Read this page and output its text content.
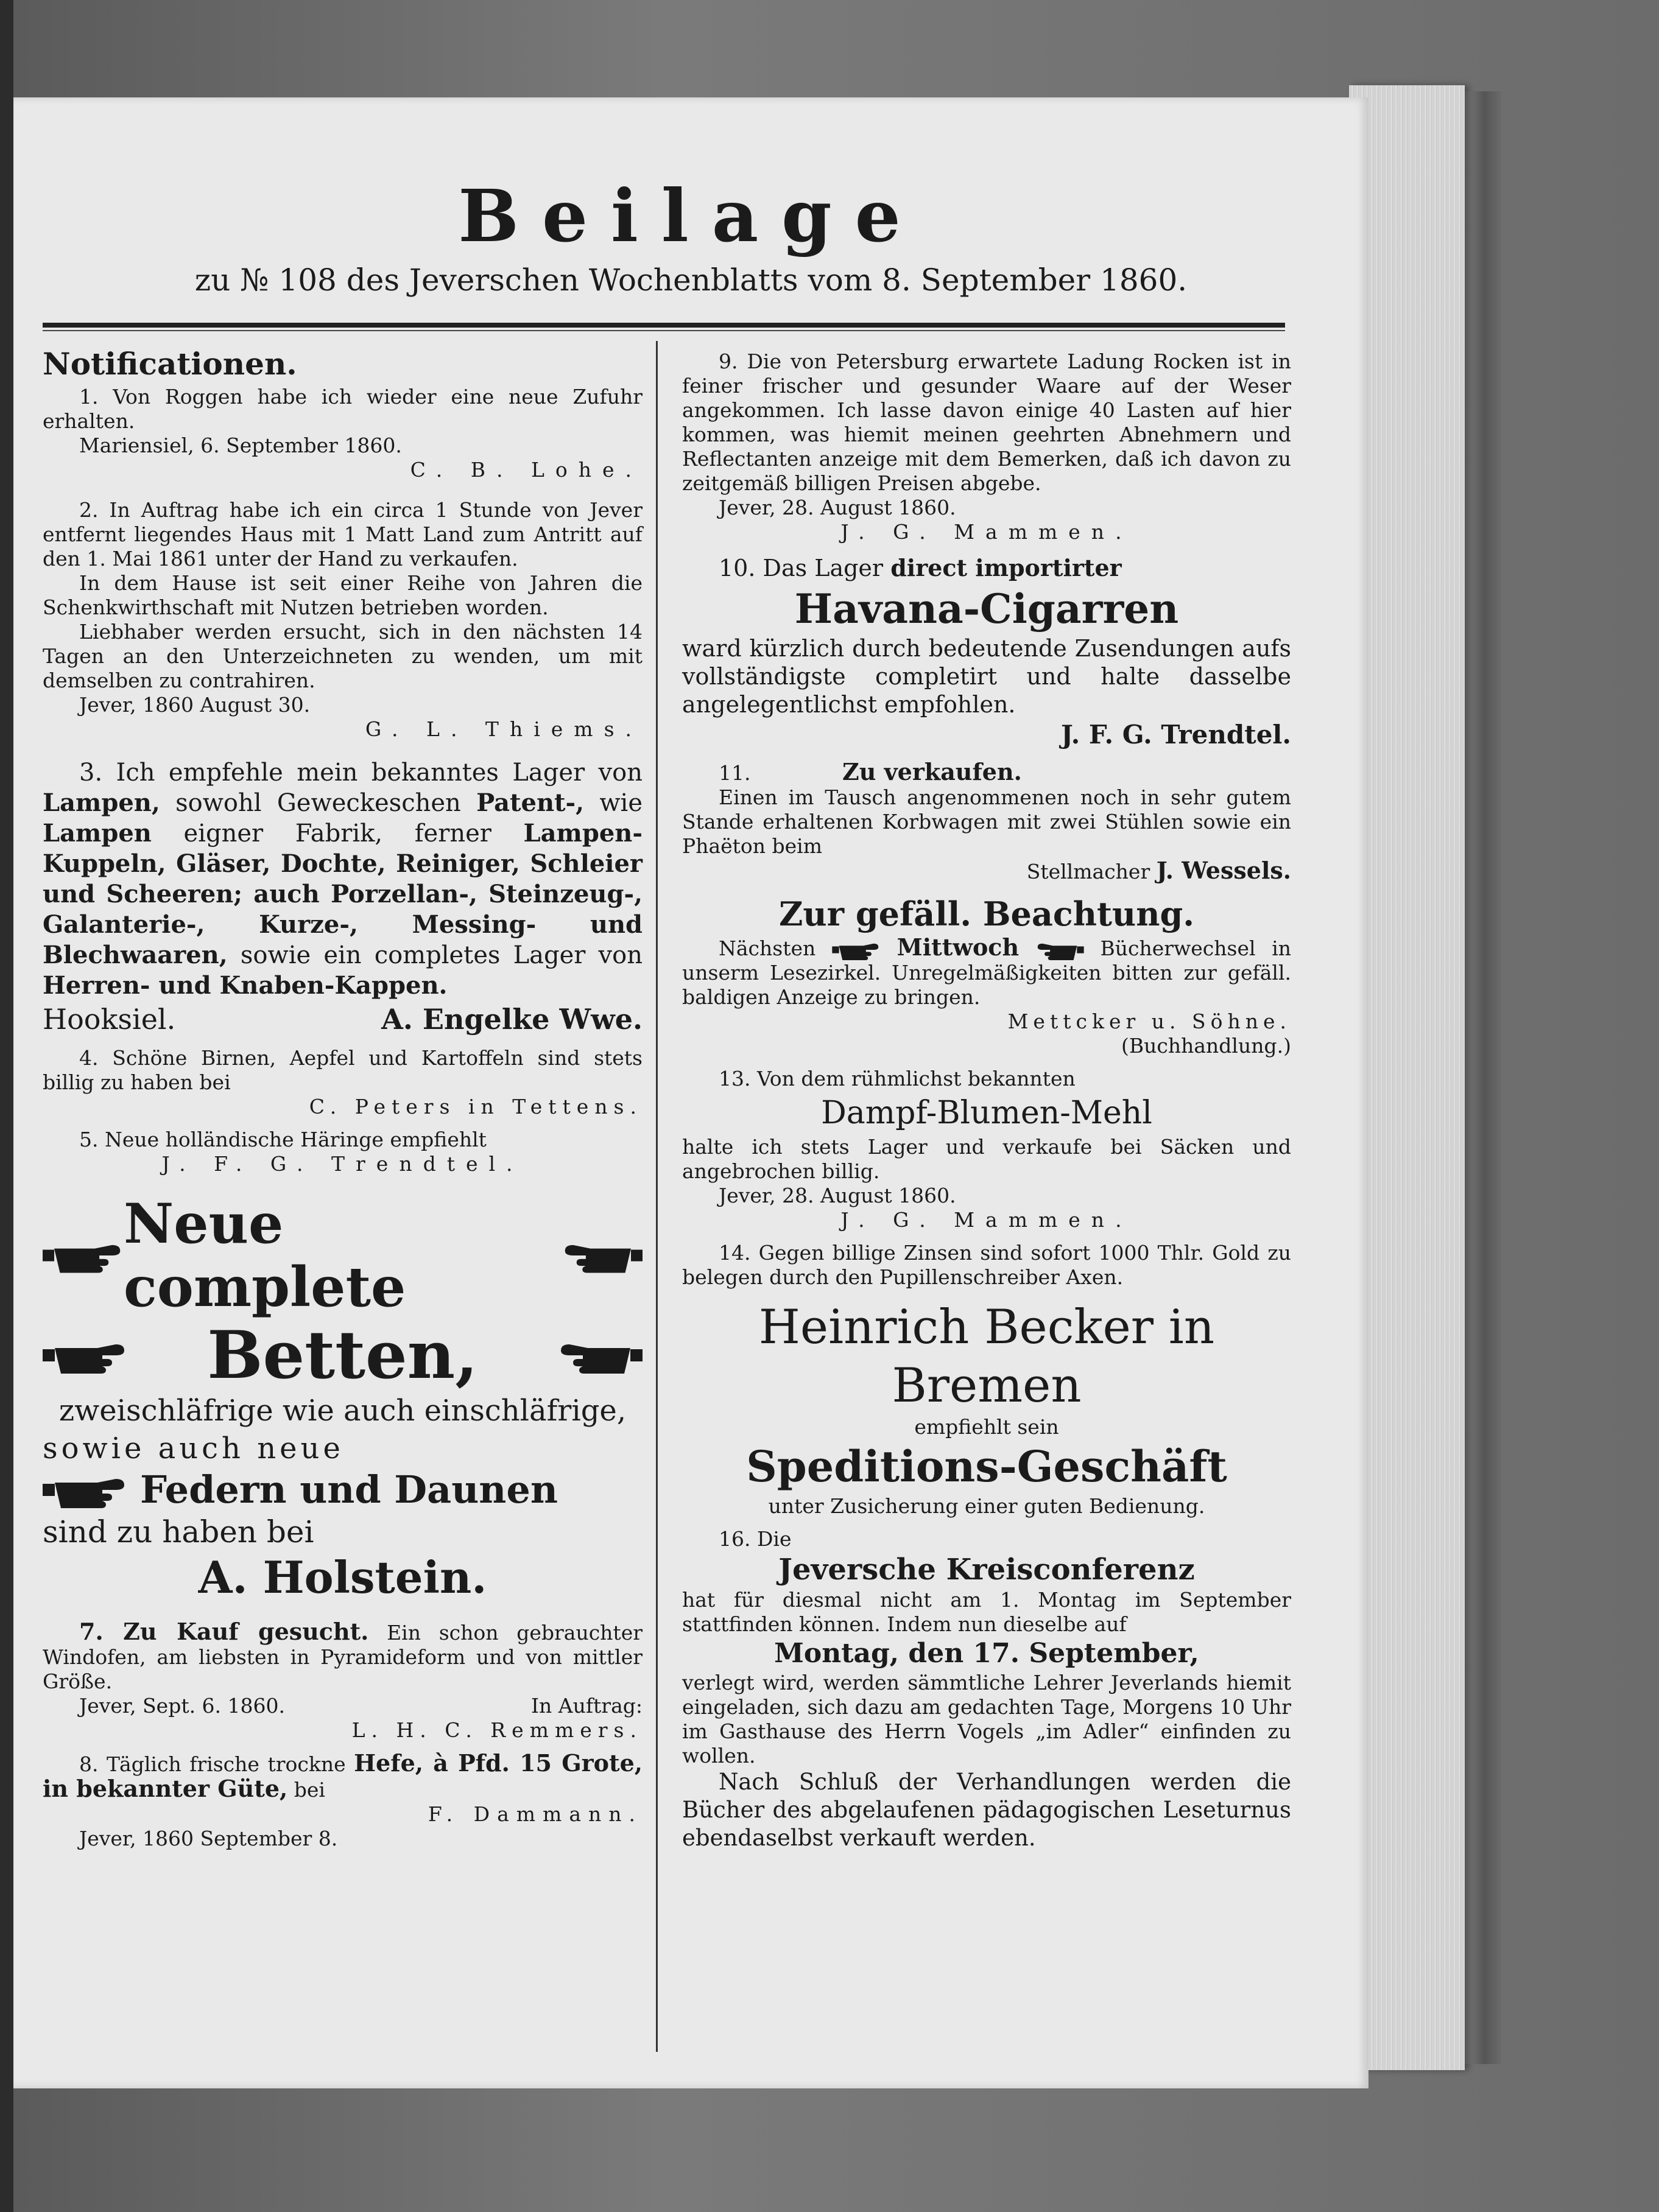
Beilage
zu № 108 des Jeverschen Wochenblatts vom 8. September 1860.

Notificationen.

1. Von Roggen habe ich wieder eine neue Zufuhr erhalten.

Mariensiel, 6. September 1860.

C. B. Lohe.

2. In Auftrag habe ich ein circa 1 Stunde von Jever entfernt liegendes Haus mit 1 Matt Land zum Antritt auf den 1. Mai 1861 unter der Hand zu verkaufen.

In dem Hause ist seit einer Reihe von Jahren die Schenkwirthschaft mit Nutzen betrieben worden.

Liebhaber werden ersucht, sich in den nächsten 14 Tagen an den Unterzeichneten zu wenden, um mit demselben zu contrahiren.

Jever, 1860 August 30.

G. L. Thiems.

3. Ich empfehle mein bekanntes Lager von Lampen, sowohl Geweckeschen Patent-, wie Lampen eigner Fabrik, ferner Lampen-Kuppeln, Gläser, Dochte, Reiniger, Schleier und Scheeren; auch Porzellan-, Steinzeug-, Galanterie-, Kurze-, Messing- und Blechwaaren, sowie ein completes Lager von Herren- und Knaben-Kappen.

Hooksiel.	A. Engelke Wwe.

4. Schöne Birnen, Aepfel und Kartoffeln sind stets billig zu haben bei

C. Peters in Tettens.

5. Neue holländische Häringe empfiehlt

J. F. G. Trendtel.

Neue complete
Betten,

zweischläfrige wie auch einschläfrige,

sowie auch neue

Federn und Daunen

sind zu haben bei

A. Holstein.

7. Zu Kauf gesucht. Ein schon gebrauchter Windofen, am liebsten in Pyramideform und von mittler Größe.

Jever, Sept. 6. 1860.	In Auftrag:

L. H. C. Remmers.

8. Täglich frische trockne Hefe, à Pfd. 15 Grote, in bekannter Güte, bei

F. Dammann.

Jever, 1860 September 8.

9. Die von Petersburg erwartete Ladung Rocken ist in feiner frischer und gesunder Waare auf der Weser angekommen. Ich lasse davon einige 40 Lasten auf hier kommen, was hiemit meinen geehrten Abnehmern und Reflectanten anzeige mit dem Bemerken, daß ich davon zu zeitgemäß billigen Preisen abgebe.

Jever, 28. August 1860.

J. G. Mammen.

10. Das Lager direct importirter

Havana-Cigarren

ward kürzlich durch bedeutende Zusendungen aufs vollständigste completirt und halte dasselbe angelegentlichst empfohlen.

J. F. G. Trendtel.

11.	Zu verkaufen.

Einen im Tausch angenommenen noch in sehr gutem Stande erhaltenen Korbwagen mit zwei Stühlen sowie ein Phaëton beim

Stellmacher J. Wessels.

Zur gefäll. Beachtung.

Nächsten	Mittwoch	Bücherwechsel in unserm Lesezirkel. Unregelmäßigkeiten bitten zur gefäll. baldigen Anzeige zu bringen.

Mettcker u. Söhne.

(Buchhandlung.)

13. Von dem rühmlichst bekannten

Dampf-Blumen-Mehl

halte ich stets Lager und verkaufe bei Säcken und angebrochen billig.

Jever, 28. August 1860.

J. G. Mammen.

14. Gegen billige Zinsen sind sofort 1000 Thlr. Gold zu belegen durch den Pupillenschreiber Axen.

Heinrich Becker in Bremen

empfiehlt sein

Speditions-Geschäft

unter Zusicherung einer guten Bedienung.

16. Die

Jeversche Kreisconferenz

hat für diesmal nicht am 1. Montag im September stattfinden können. Indem nun dieselbe auf

Montag, den 17. September,

verlegt wird, werden sämmtliche Lehrer Jeverlands hiemit eingeladen, sich dazu am gedachten Tage, Morgens 10 Uhr im Gasthause des Herrn Vogels „im Adler“ einfinden zu wollen.

Nach Schluß der Verhandlungen werden die Bücher des abgelaufenen pädagogischen Leseturnus ebendaselbst verkauft werden.
